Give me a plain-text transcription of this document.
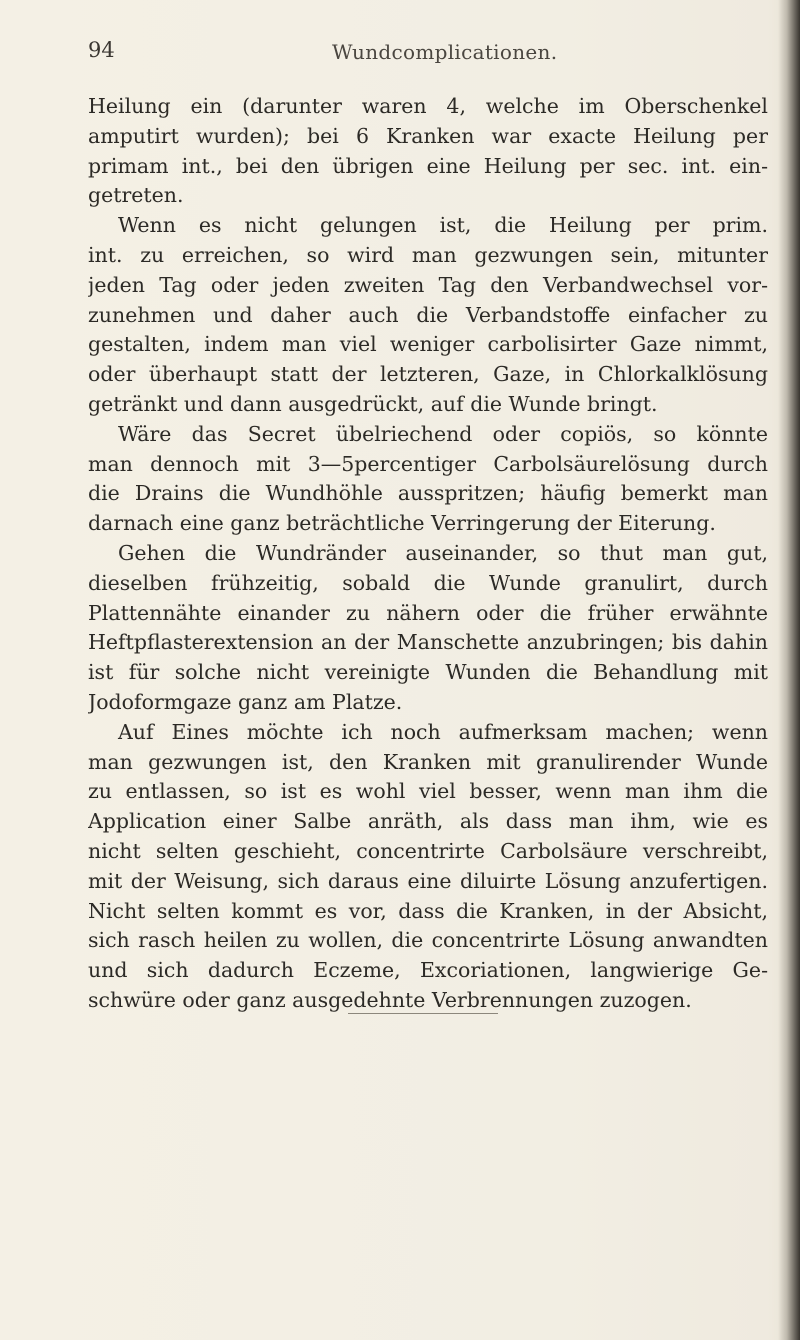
94	Wundcomplicationen.
Heilung ein (darunter waren 4, welche im Oberschenkel
amputirt wurden); bei 6 Kranken war exacte Heilung per
primam int., bei den übrigen eine Heilung per sec. int. ein-
getreten.
Wenn es nicht gelungen ist, die Heilung per prim.
int. zu erreichen, so wird man gezwungen sein, mitunter
jeden Tag oder jeden zweiten Tag den Verbandwechsel vor-
zunehmen und daher auch die Verbandstoffe einfacher zu
gestalten, indem man viel weniger carbolisirter Gaze nimmt,
oder überhaupt statt der letzteren, Gaze, in Chlorkalklösung
getränkt und dann ausgedrückt, auf die Wunde bringt.
Wäre das Secret übelriechend oder copiös, so könnte
man dennoch mit 3—5percentiger Carbolsäurelösung durch
die Drains die Wundhöhle ausspritzen; häufig bemerkt man
darnach eine ganz beträchtliche Verringerung der Eiterung.
Gehen die Wundränder auseinander, so thut man gut,
dieselben frühzeitig, sobald die Wunde granulirt, durch
Plattennähte einander zu nähern oder die früher erwähnte
Heftpflasterextension an der Manschette anzubringen; bis dahin
ist für solche nicht vereinigte Wunden die Behandlung mit
Jodoformgaze ganz am Platze.
Auf Eines möchte ich noch aufmerksam machen; wenn
man gezwungen ist, den Kranken mit granulirender Wunde
zu entlassen, so ist es wohl viel besser, wenn man ihm die
Application einer Salbe anräth, als dass man ihm, wie es
nicht selten geschieht, concentrirte Carbolsäure verschreibt,
mit der Weisung, sich daraus eine diluirte Lösung anzufertigen.
Nicht selten kommt es vor, dass die Kranken, in der Absicht,
sich rasch heilen zu wollen, die concentrirte Lösung anwandten
und sich dadurch Eczeme, Excoriationen, langwierige Ge-
schwüre oder ganz ausgedehnte Verbrennungen zuzogen.
